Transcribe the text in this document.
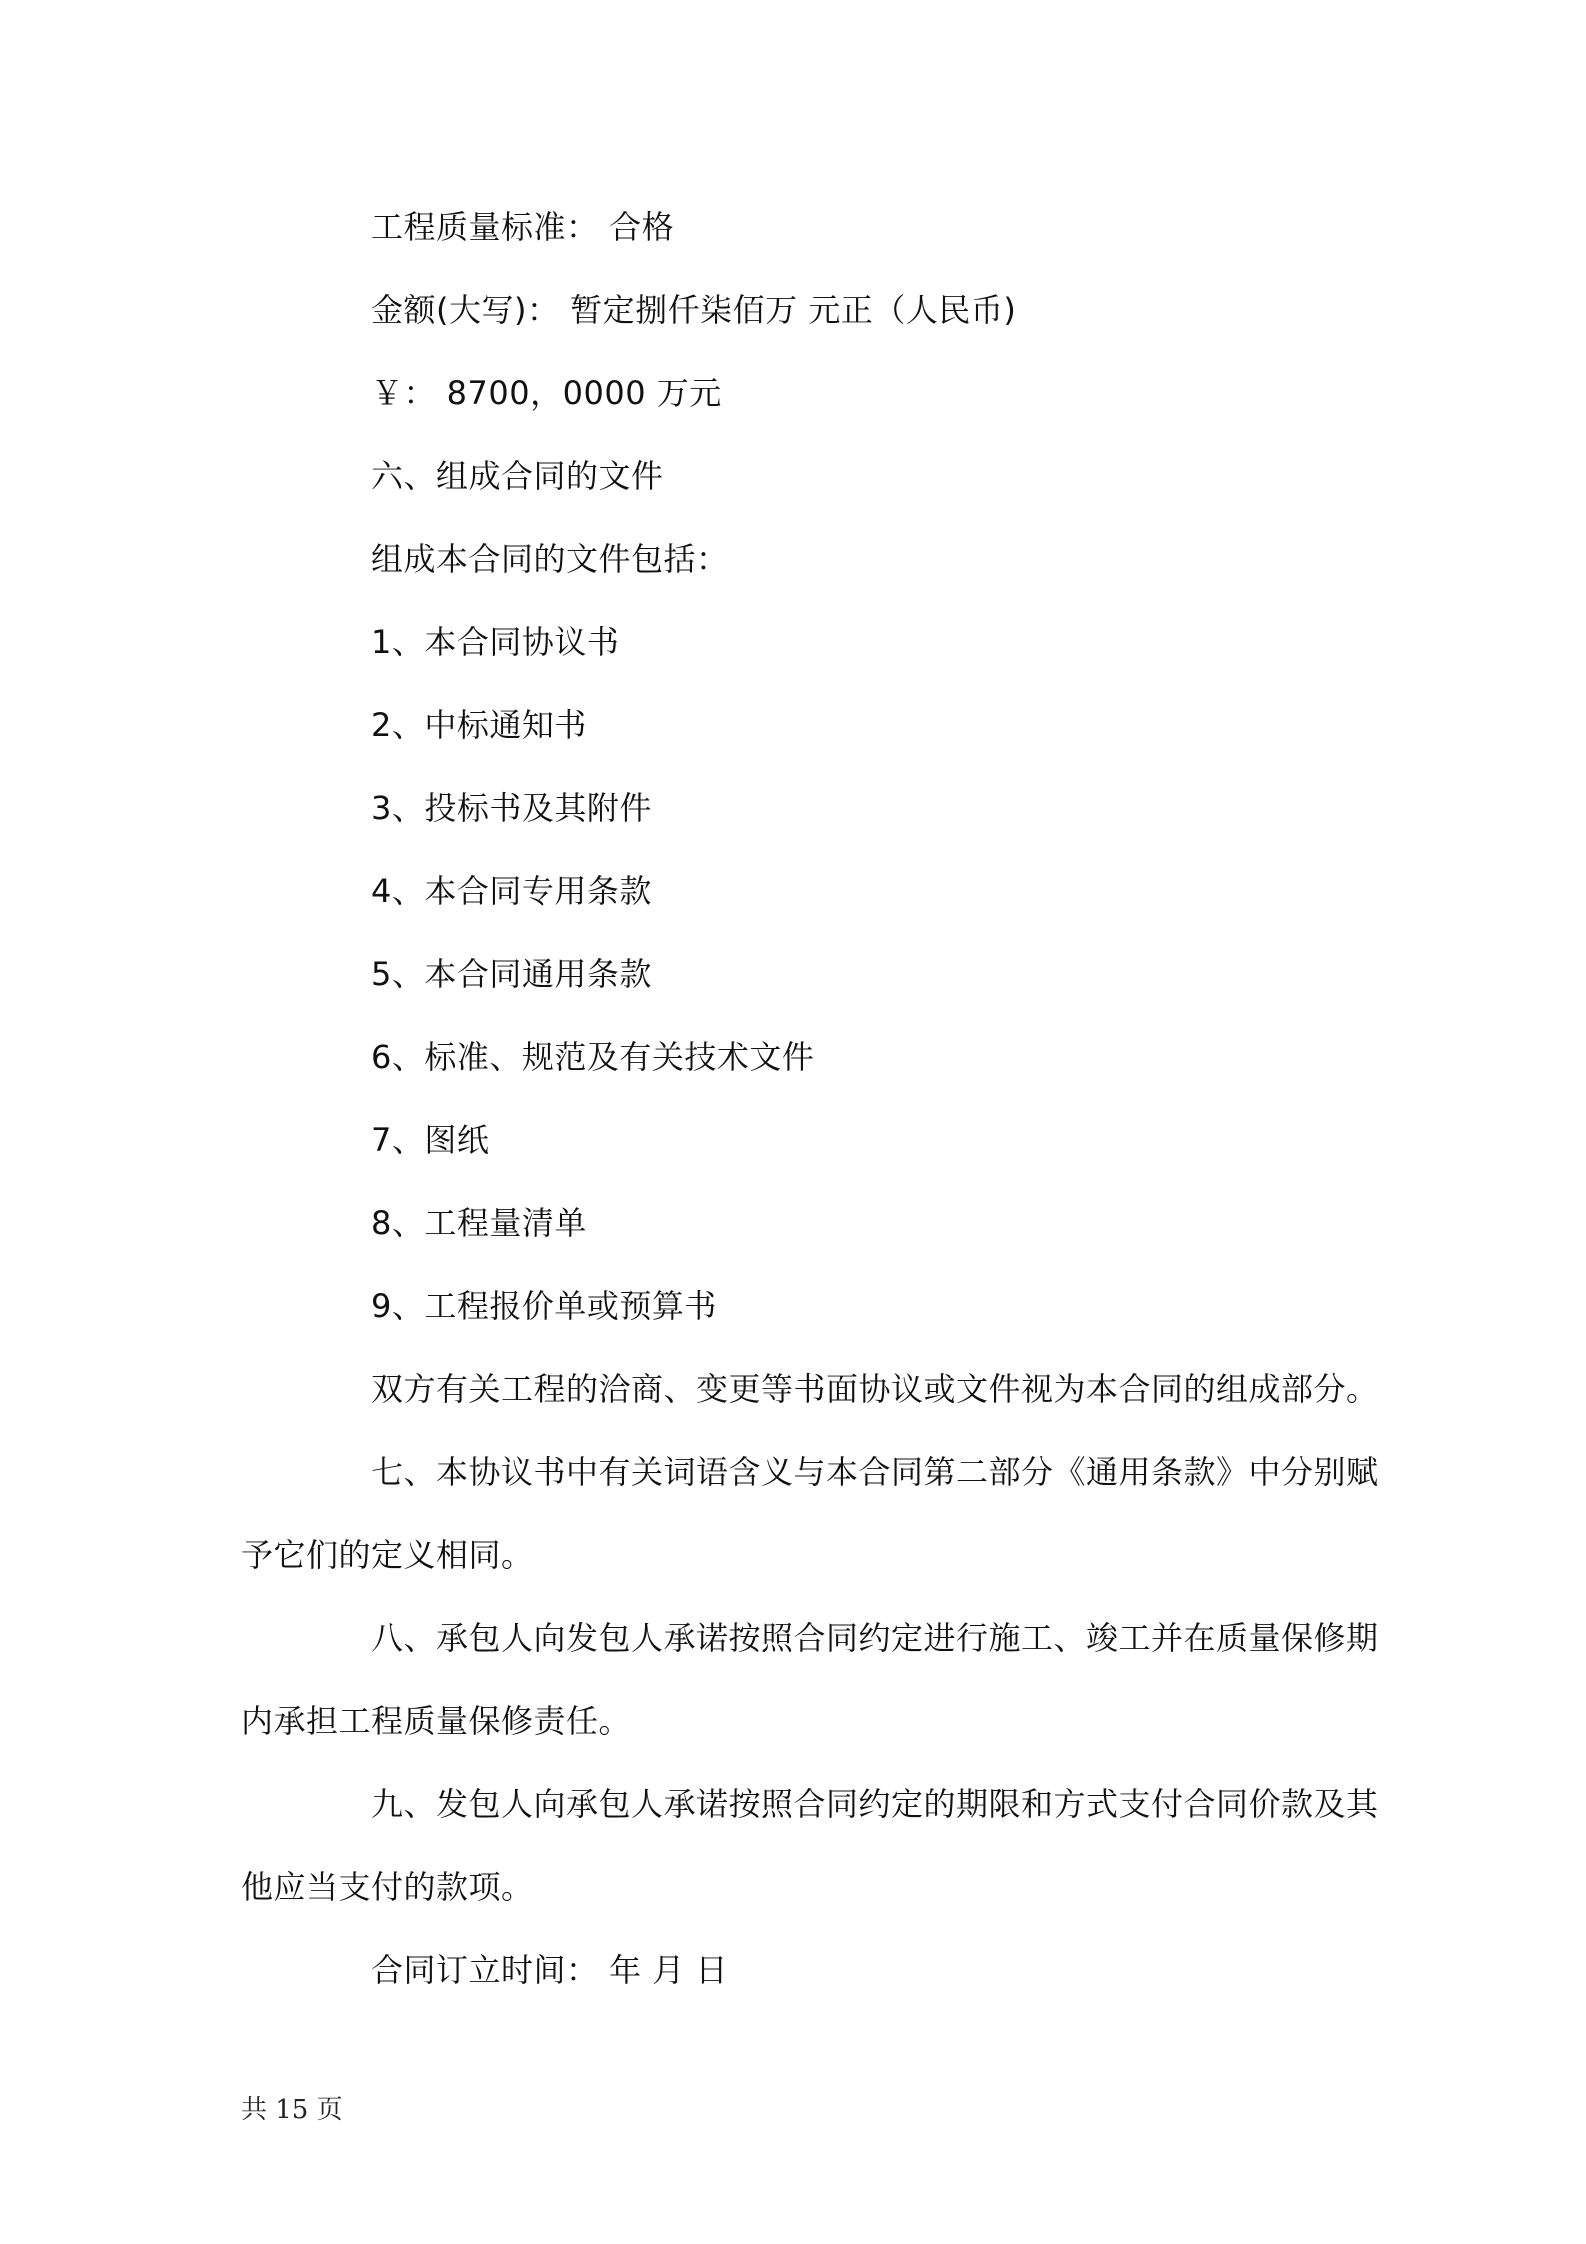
工程质量标准： 合格
金额(大写)： 暂定捌仟柒佰万 元正（人民币)
￥： 8700，0000 万元
六、组成合同的文件
组成本合同的文件包括：
1、本合同协议书
2、中标通知书
3、投标书及其附件
4、本合同专用条款
5、本合同通用条款
6、标准、规范及有关技术文件
7、图纸
8、工程量清单
9、工程报价单或预算书
双方有关工程的洽商、变更等书面协议或文件视为本合同的组成部分。
七、本协议书中有关词语含义与本合同第二部分《通用条款》中分别赋
予它们的定义相同。
八、承包人向发包人承诺按照合同约定进行施工、竣工并在质量保修期
内承担工程质量保修责任。
九、发包人向承包人承诺按照合同约定的期限和方式支付合同价款及其
他应当支付的款项。
合同订立时间： 年 月 日
共 15 页
